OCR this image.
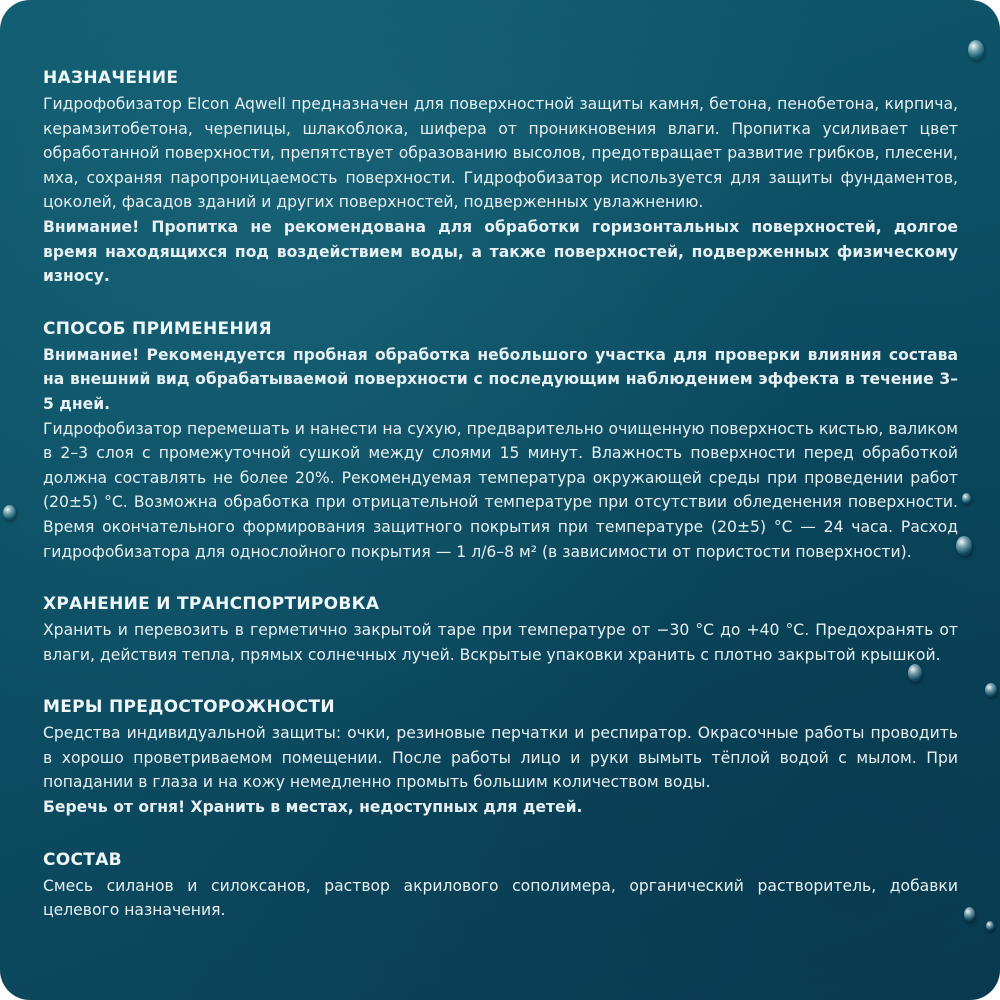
НАЗНАЧЕНИЕ

Гидрофобизатор Elcon Aqwell предназначен для поверхностной защиты камня, бетона, пенобетона, кирпича, керамзитобетона, черепицы, шлакоблока, шифера от проникновения влаги. Пропитка усиливает цвет обработанной поверхности, препятствует образованию высолов, предотвращает развитие грибков, плесени, мха, сохраняя паропроницаемость поверхности. Гидрофобизатор используется для защиты фундаментов, цоколей, фасадов зданий и других поверхностей, подверженных увлажнению.

Внимание! Пропитка не рекомендована для обработки горизонтальных поверхностей, долгое время находящихся под воздействием воды, а также поверхностей, подверженных физическому износу.

СПОСОБ ПРИМЕНЕНИЯ

Внимание! Рекомендуется пробная обработка небольшого участка для проверки влияния состава на внешний вид обрабатываемой поверхности с последующим наблюдением эффекта в течение 3–5 дней.

Гидрофобизатор перемешать и нанести на сухую, предварительно очищенную поверхность кистью, валиком в 2–3 слоя с промежуточной сушкой между слоями 15 минут. Влажность поверхности перед обработкой должна составлять не более 20%. Рекомендуемая температура окружающей среды при проведении работ (20±5) °С. Возможна обработка при отрицательной температуре при отсутствии обледенения поверхности. Время окончательного формирования защитного покрытия при температуре (20±5) °С — 24 часа. Расход гидрофобизатора для однослойного покрытия — 1 л/6–8 м² (в зависимости от пористости поверхности).

ХРАНЕНИЕ И ТРАНСПОРТИРОВКА

Хранить и перевозить в герметично закрытой таре при температуре от −30 °С до +40 °С. Предохранять от влаги, действия тепла, прямых солнечных лучей. Вскрытые упаковки хранить с плотно закрытой крышкой.

МЕРЫ ПРЕДОСТОРОЖНОСТИ

Средства индивидуальной защиты: очки, резиновые перчатки и респиратор. Окрасочные работы проводить в хорошо проветриваемом помещении. После работы лицо и руки вымыть тёплой водой с мылом. При попадании в глаза и на кожу немедленно промыть большим количеством воды.

Беречь от огня! Хранить в местах, недоступных для детей.

СОСТАВ

Смесь силанов и силоксанов, раствор акрилового сополимера, органический растворитель, добавки целевого назначения.
